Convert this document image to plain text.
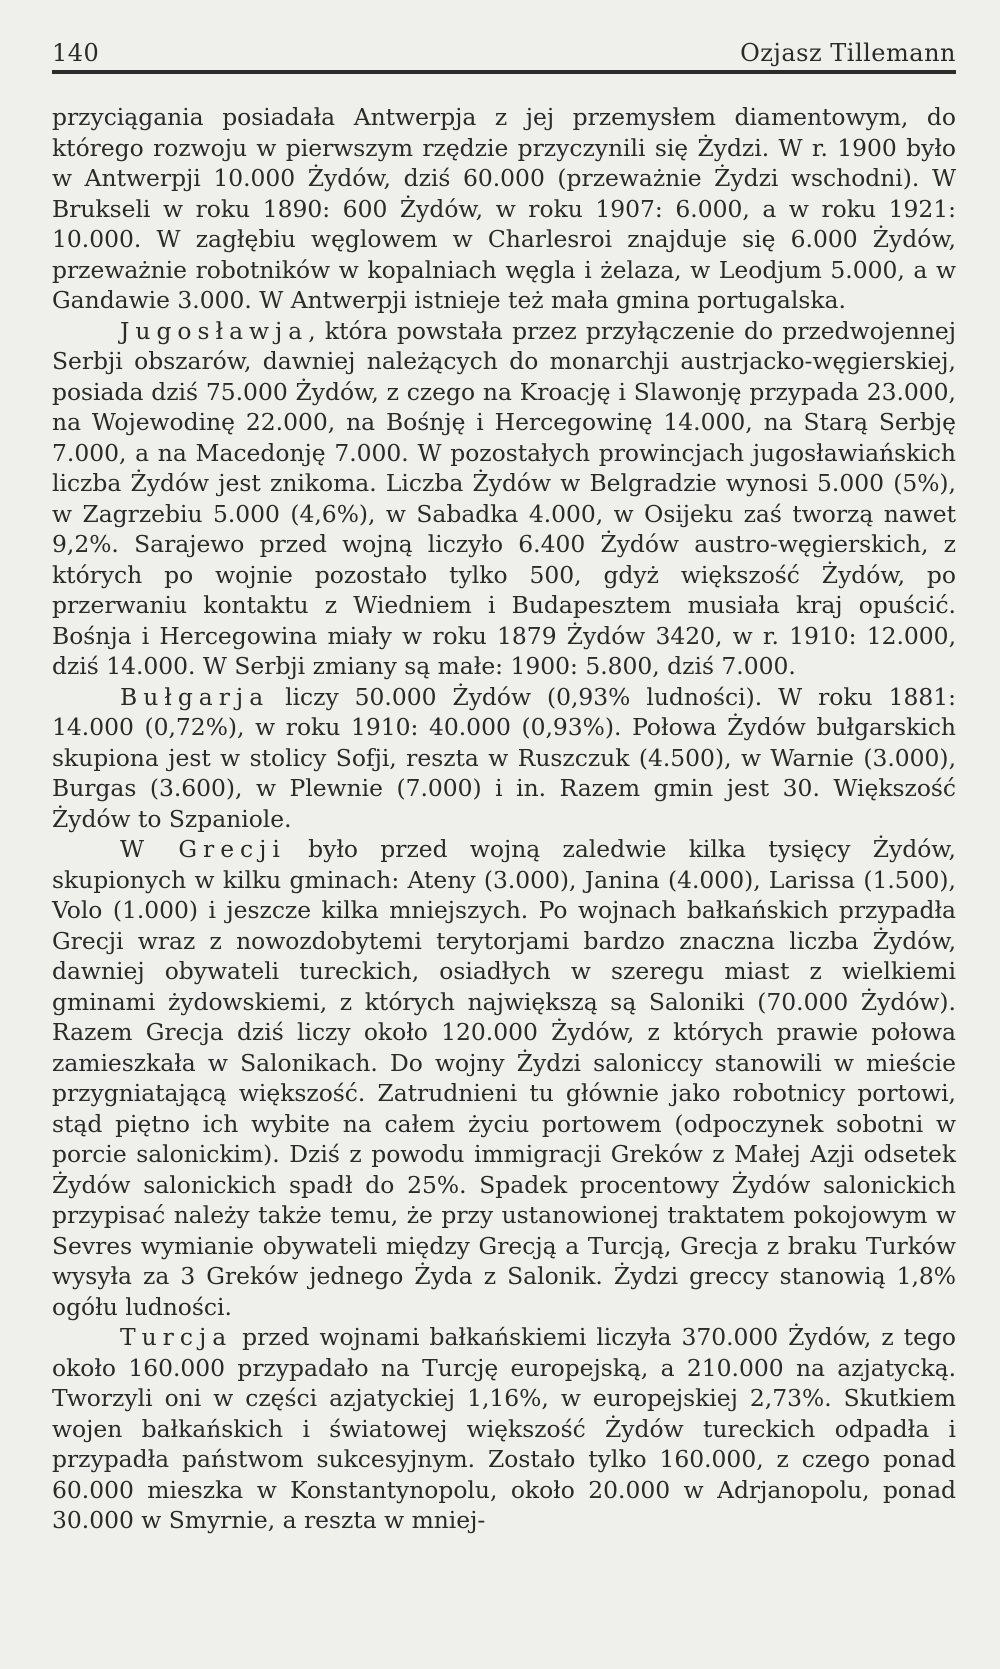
140	Ozjasz Tillemann

przyciągania posiadała Antwerpja z jej przemysłem diamentowym, do którego rozwoju w pierwszym rzędzie przyczynili się Żydzi. W r. 1900 było w Antwerpji 10.000 Żydów, dziś 60.000 (przeważnie Żydzi wschodni). W Brukseli w roku 1890: 600 Żydów, w roku 1907: 6.000, a w roku 1921: 10.000. W zagłębiu węglowem w Charlesroi znajduje się 6.000 Żydów, przeważnie robotników w kopalniach węgla i żelaza, w Leodjum 5.000, a w Gandawie 3.000. W Antwerpji istnieje też mała gmina portugalska.

Jugosławja, która powstała przez przyłączenie do przedwojennej Serbji obszarów, dawniej należących do monarchji austrjacko-węgierskiej, posiada dziś 75.000 Żydów, z czego na Kroację i Slawonję przypada 23.000, na Wojewodinę 22.000, na Bośnję i Hercegowinę 14.000, na Starą Serbję 7.000, a na Macedonję 7.000. W pozostałych prowincjach jugosławiańskich liczba Żydów jest znikoma. Liczba Żydów w Belgradzie wynosi 5.000 (5%), w Zagrzebiu 5.000 (4,6%), w Sabadka 4.000, w Osijeku zaś tworzą nawet 9,2%. Sarajewo przed wojną liczyło 6.400 Żydów austro-węgierskich, z których po wojnie pozostało tylko 500, gdyż większość Żydów, po przerwaniu kontaktu z Wiedniem i Budapesztem musiała kraj opuścić. Bośnja i Hercegowina miały w roku 1879 Żydów 3420, w r. 1910: 12.000, dziś 14.000. W Serbji zmiany są małe: 1900: 5.800, dziś 7.000.

Bułgarja liczy 50.000 Żydów (0,93% ludności). W roku 1881: 14.000 (0,72%), w roku 1910: 40.000 (0,93%). Połowa Żydów bułgarskich skupiona jest w stolicy Sofji, reszta w Ruszczuk (4.500), w Warnie (3.000), Burgas (3.600), w Plewnie (7.000) i in. Razem gmin jest 30. Większość Żydów to Szpaniole.

W Grecji było przed wojną zaledwie kilka tysięcy Żydów, skupionych w kilku gminach: Ateny (3.000), Janina (4.000), Larissa (1.500), Volo (1.000) i jeszcze kilka mniejszych. Po wojnach bałkańskich przypadła Grecji wraz z nowozdobytemi terytorjami bardzo znaczna liczba Żydów, dawniej obywateli tureckich, osiadłych w szeregu miast z wielkiemi gminami żydowskiemi, z których największą są Saloniki (70.000 Żydów). Razem Grecja dziś liczy około 120.000 Żydów, z których prawie połowa zamieszkała w Salonikach. Do wojny Żydzi saloniccy stanowili w mieście przygniatającą większość. Zatrudnieni tu głównie jako robotnicy portowi, stąd piętno ich wybite na całem życiu portowem (odpoczynek sobotni w porcie salonickim). Dziś z powodu immigracji Greków z Małej Azji odsetek Żydów salonickich spadł do 25%. Spadek procentowy Żydów salonickich przypisać należy także temu, że przy ustanowionej traktatem pokojowym w Sevres wymianie obywateli między Grecją a Turcją, Grecja z braku Turków wysyła za 3 Greków jednego Żyda z Salonik. Żydzi greccy stanowią 1,8% ogółu ludności.

Turcja przed wojnami bałkańskiemi liczyła 370.000 Żydów, z tego około 160.000 przypadało na Turcję europejską, a 210.000 na azjatycką. Tworzyli oni w części azjatyckiej 1,16%, w europejskiej 2,73%. Skutkiem wojen bałkańskich i światowej większość Żydów tureckich odpadła i przypadła państwom sukcesyjnym. Zostało tylko 160.000, z czego ponad 60.000 mieszka w Konstantynopolu, około 20.000 w Adrjanopolu, ponad 30.000 w Smyrnie, a reszta w mniej-
